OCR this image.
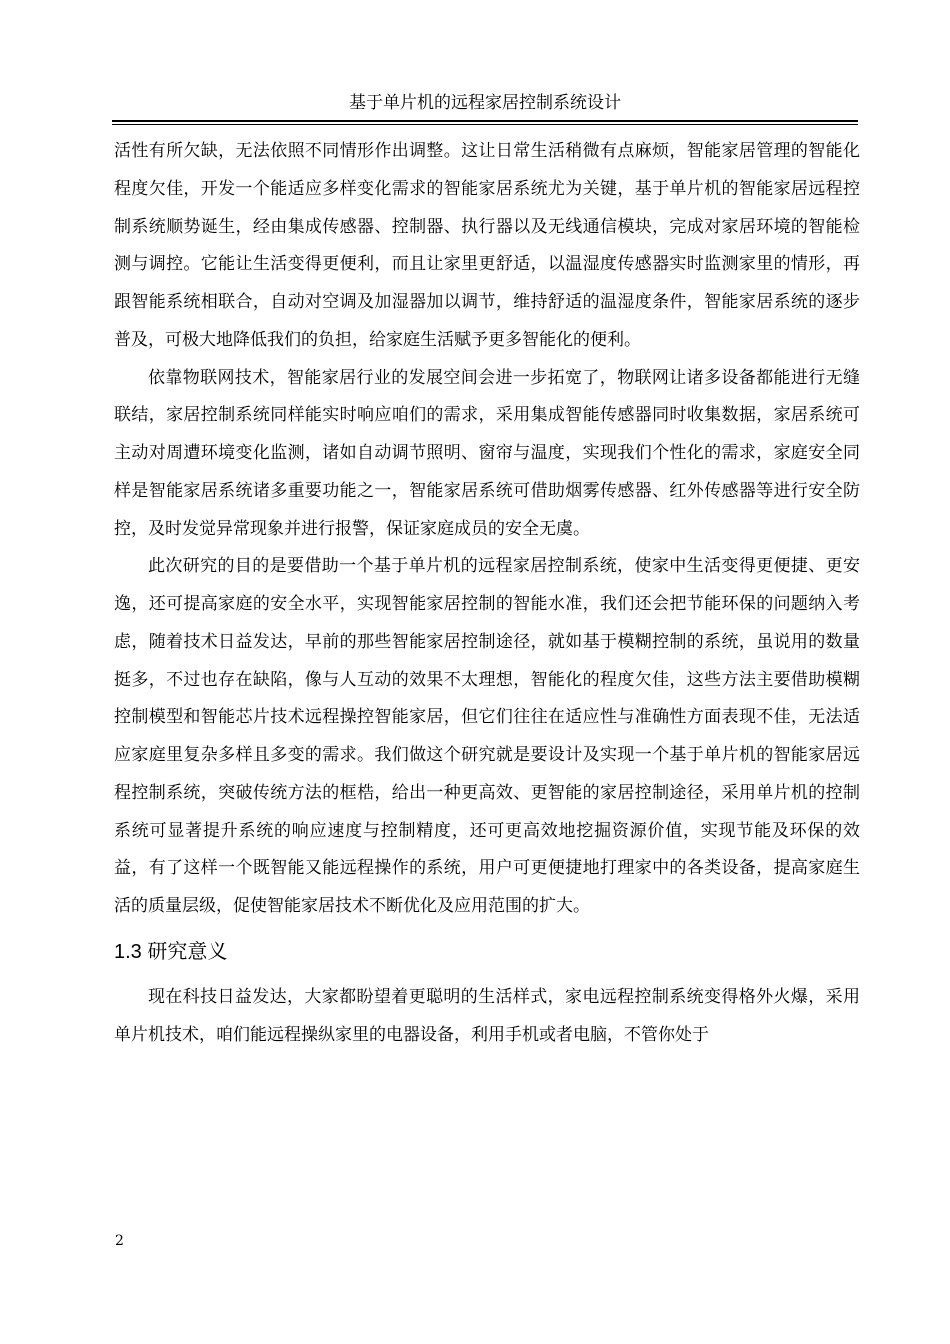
基于单片机的远程家居控制系统设计

活性有所欠缺，无法依照不同情形作出调整。这让日常生活稍微有点麻烦，智能家居管理的智能化程度欠佳，开发一个能适应多样变化需求的智能家居系统尤为关键，基于单片机的智能家居远程控制系统顺势诞生，经由集成传感器、控制器、执行器以及无线通信模块，完成对家居环境的智能检测与调控。它能让生活变得更便利，而且让家里更舒适，以温湿度传感器实时监测家里的情形，再跟智能系统相联合，自动对空调及加湿器加以调节，维持舒适的温湿度条件，智能家居系统的逐步普及，可极大地降低我们的负担，给家庭生活赋予更多智能化的便利。

依靠物联网技术，智能家居行业的发展空间会进一步拓宽了，物联网让诸多设备都能进行无缝联结，家居控制系统同样能实时响应咱们的需求，采用集成智能传感器同时收集数据，家居系统可主动对周遭环境变化监测，诸如自动调节照明、窗帘与温度，实现我们个性化的需求，家庭安全同样是智能家居系统诸多重要功能之一，智能家居系统可借助烟雾传感器、红外传感器等进行安全防控，及时发觉异常现象并进行报警，保证家庭成员的安全无虞。

此次研究的目的是要借助一个基于单片机的远程家居控制系统，使家中生活变得更便捷、更安逸，还可提高家庭的安全水平，实现智能家居控制的智能水准，我们还会把节能环保的问题纳入考虑，随着技术日益发达，早前的那些智能家居控制途径，就如基于模糊控制的系统，虽说用的数量挺多，不过也存在缺陷，像与人互动的效果不太理想，智能化的程度欠佳，这些方法主要借助模糊控制模型和智能芯片技术远程操控智能家居，但它们往往在适应性与准确性方面表现不佳，无法适应家庭里复杂多样且多变的需求。我们做这个研究就是要设计及实现一个基于单片机的智能家居远程控制系统，突破传统方法的框梏，给出一种更高效、更智能的家居控制途径，采用单片机的控制系统可显著提升系统的响应速度与控制精度，还可更高效地挖掘资源价值，实现节能及环保的效益，有了这样一个既智能又能远程操作的系统，用户可更便捷地打理家中的各类设备，提高家庭生活的质量层级，促使智能家居技术不断优化及应用范围的扩大。

1.3 研究意义

现在科技日益发达，大家都盼望着更聪明的生活样式，家电远程控制系统变得格外火爆，采用单片机技术，咱们能远程操纵家里的电器设备，利用手机或者电脑，不管你处于

2
